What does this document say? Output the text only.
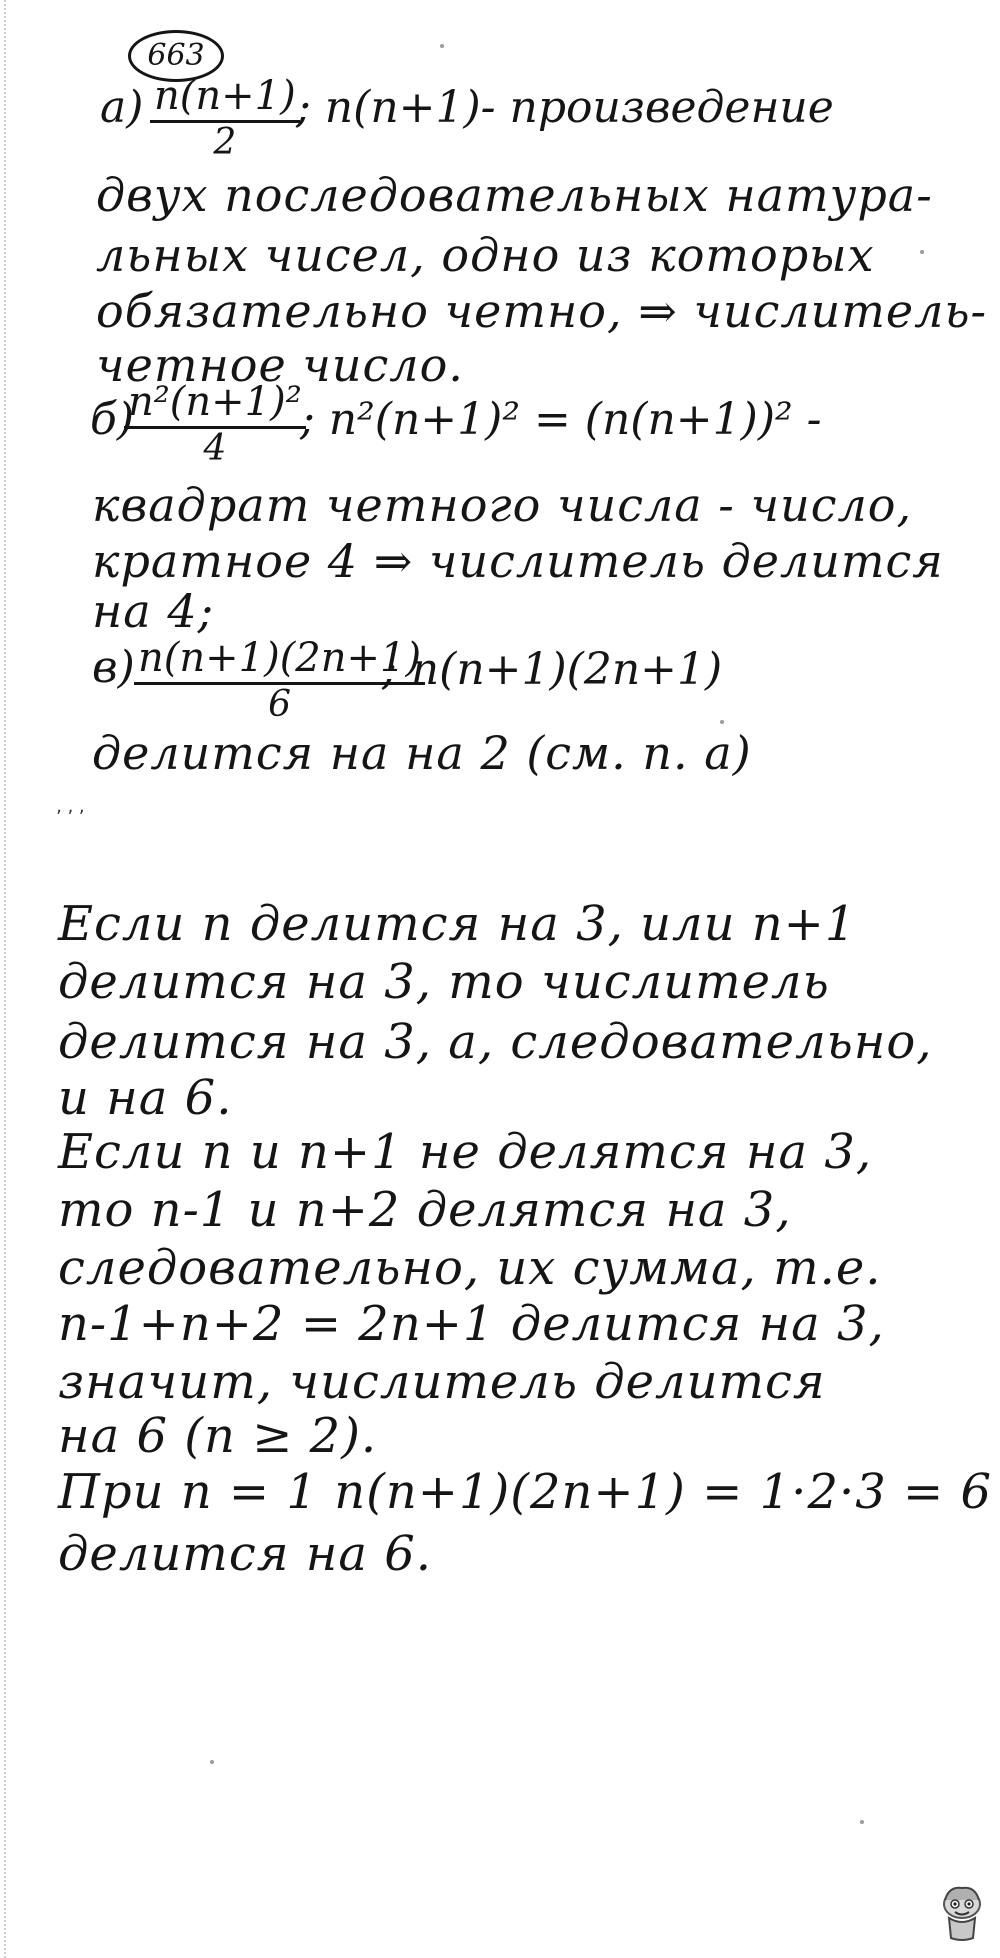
663
$а) \frac{n(n+1)}{2}$
; n(n+1)- произведение
двух последовательных натура-
льных чисел, одно из которых
обязательно четно, ⇒ числитель-
четное число.
б)
$\frac{\text{n²(n+1)²}}{4}$
; n²(n+1)² = (n(n+1))² -
квадрат четного числа - число,
кратное 4 ⇒ числитель делится
на 4;
$в) \frac{n(n+1)(2n+1)}{6}$
; n(n+1)(2n+1)
делится на на 2 (см. п. а)
‚ ‚ ,
Если n делится на 3, или n+1
делится на 3, то числитель
делится на 3, а, следовательно,
и на 6.
Если n и n+1 не делятся на 3,
то n-1 и n+2 делятся на 3,
следовательно, их сумма, т.е.
n-1+n+2 = 2n+1 делится на 3,
значит, числитель делится
на 6 (n ≥ 2).
При n = 1 n(n+1)(2n+1) = 1·2·3 = 6
делится на 6.
